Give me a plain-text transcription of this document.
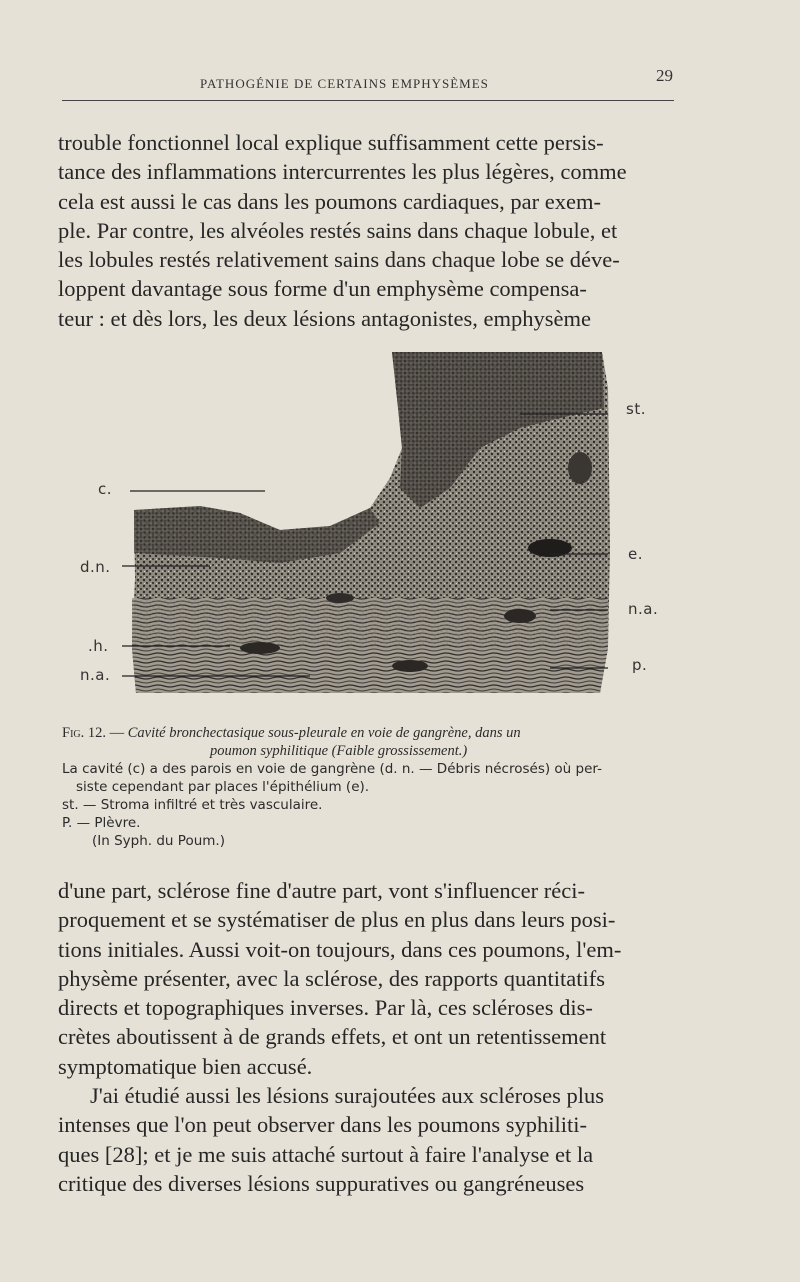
PATHOGÉNIE DE CERTAINS EMPHYSÈMES	29

trouble fonctionnel local explique suffisamment cette persis-

tance des inflammations intercurrentes les plus légères, comme

cela est aussi le cas dans les poumons cardiaques, par exem-

ple. Par contre, les alvéoles restés sains dans chaque lobule, et

les lobules restés relativement sains dans chaque lobe se déve-

loppent davantage sous forme d'un emphysème compensa-

teur : et dès lors, les deux lésions antagonistes, emphysème

c.
d.n.
.h.
n.a.
st.
e.
n.a.
p.
Fig. 12. — Cavité bronchectasique sous-pleurale en voie de gangrène, dans un
poumon syphilitique (Faible grossissement.)

La cavité (c) a des parois en voie de gangrène (d. n. — Débris nécrosés) où per-

siste cependant par places l'épithélium (e).

st. — Stroma infiltré et très vasculaire.

P. — Plèvre.

(In Syph. du Poum.)

d'une part, sclérose fine d'autre part, vont s'influencer réci-

proquement et se systématiser de plus en plus dans leurs posi-

tions initiales. Aussi voit-on toujours, dans ces poumons, l'em-

physème présenter, avec la sclérose, des rapports quantitatifs

directs et topographiques inverses. Par là, ces scléroses dis-

crètes aboutissent à de grands effets, et ont un retentissement

symptomatique bien accusé.

J'ai étudié aussi les lésions surajoutées aux scléroses plus

intenses que l'on peut observer dans les poumons syphiliti-

ques [28]; et je me suis attaché surtout à faire l'analyse et la

critique des diverses lésions suppuratives ou gangréneuses
